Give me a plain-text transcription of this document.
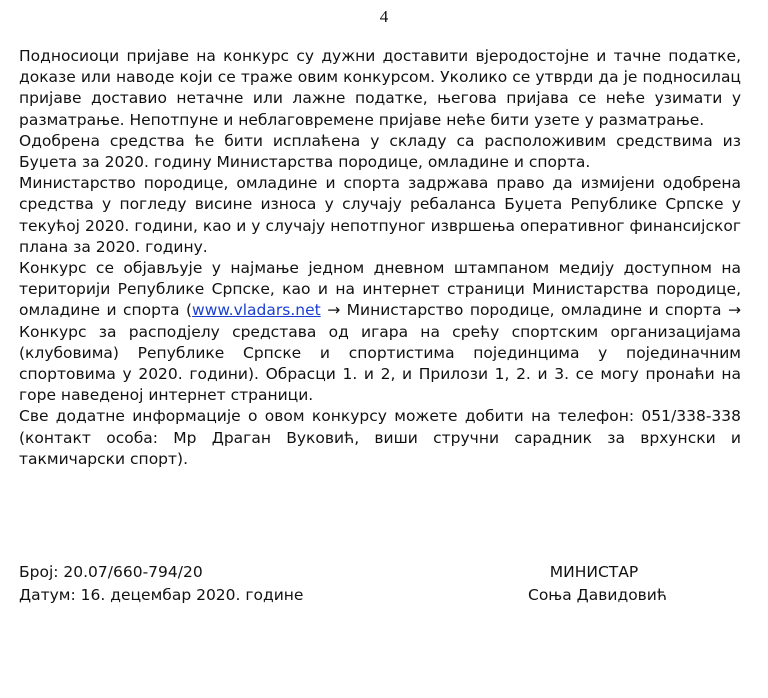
4

Подносиоци пријаве на конкурс су дужни доставити вјеродостојне и тачне податке, доказе или наводе који се траже овим конкурсом. Уколико се утврди да је подносилац пријаве доставио нетачне или лажне податке, његова пријава се неће узимати у разматрање. Непотпуне и неблаговремене пријаве неће бити узете у разматрање.

Одобрена средства ће бити исплаћена у складу са расположивим средствима из Буџета за 2020. годину Министарства породице, омладине и спорта.

Министарство породице, омладине и спорта задржава право да измијени одобрена средства у погледу висине износа у случају ребаланса Буџета Републике Српске у текућој 2020. години, као и у случају непотпуног извршења оперативног финансијског плана за 2020. годину.

Конкурс се објављује у најмање једном дневном штампаном медију доступном на територији Републике Српске, као и на интернет страници Министарства породице, омладине и спорта (www.vladars.net → Министарство породице, омладине и спорта → Конкурс за расподјелу средстава од игара на срећу спортским организацијама (клубовима) Републике Српске и спортистима појединцима у појединачним спортовима у 2020. години). Обрасци 1. и 2, и Прилози 1, 2. и 3. се могу пронаћи на горе наведеној интернет страници.

Све додатне информације о овом конкурсу можете добити на телефон: 051/338-338 (контакт особа: Мр Драган Вуковић, виши стручни сарадник за врхунски и такмичарски спорт).

Број: 20.07/660-794/20
Датум: 16. децембар 2020. године
МИНИСТАР
Соња Давидовић
